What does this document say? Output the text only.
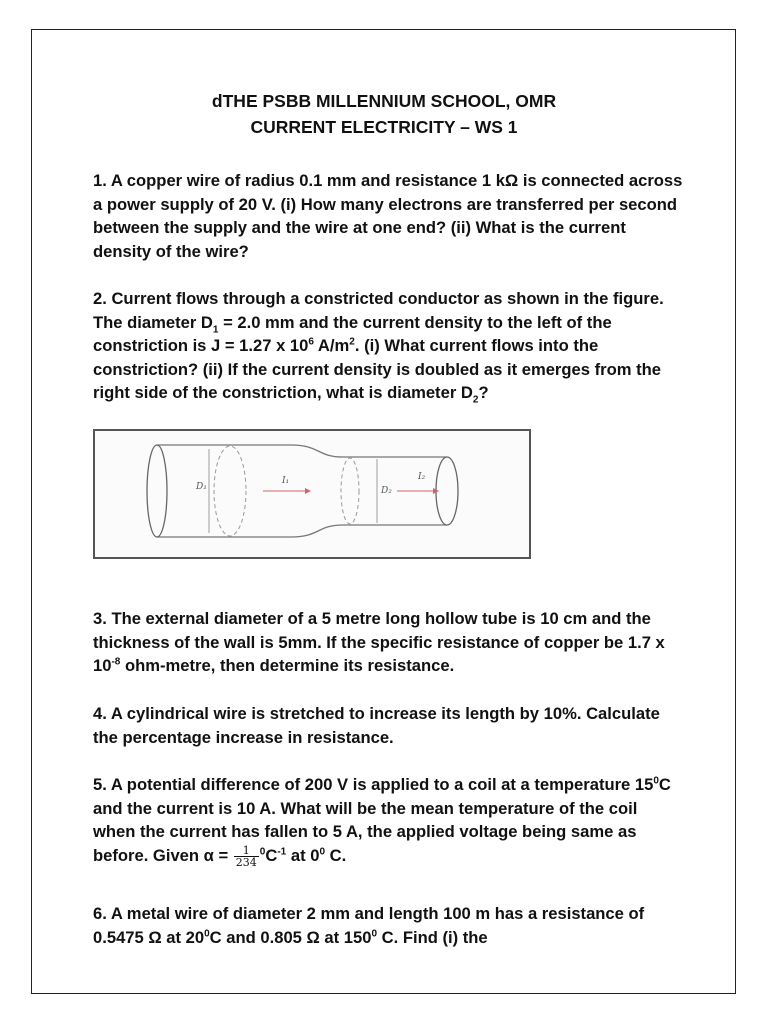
dTHE PSBB MILLENNIUM SCHOOL, OMR
CURRENT ELECTRICITY – WS 1

1. A copper wire of radius 0.1 mm and resistance 1 kΩ is connected across a power supply of 20 V. (i) How many electrons are transferred per second between the supply and the wire at one end? (ii) What is the current density of the wire?

2. Current flows through a constricted conductor as shown in the figure. The diameter $D_1 = 2.0$ mm and the current density to the left of the constriction is J = 1.27 x $10^6$ $A/m^2$. (i) What current flows into the constriction? (ii) If the current density is doubled as it emerges from the right side of the constriction, what is diameter $D_2$?

D₁	D₂
I₁	I₂

3. The external diameter of a 5 metre long hollow tube is 10 cm and the thickness of the wall is 5mm. If the specific resistance of copper be 1.7 x $10^{-8}$ ohm-metre, then determine its resistance.

4. A cylindrical wire is stretched to increase its length by 10%. Calculate the percentage increase in resistance.

5. A potential difference of 200 V is applied to a coil at a temperature $15^0C$ and the current is 10 A. What will be the mean temperature of the coil when the current has fallen to 5 A, the applied voltage being same as before. Given $\alpha = \frac{1}{234} ^0C^{-1}$ at $0^0$ C.

6. A metal wire of diameter 2 mm and length 100 m has a resistance of 0.5475 Ω at $20^0C$ and 0.805 Ω at $150^0$ C. Find (i) the
